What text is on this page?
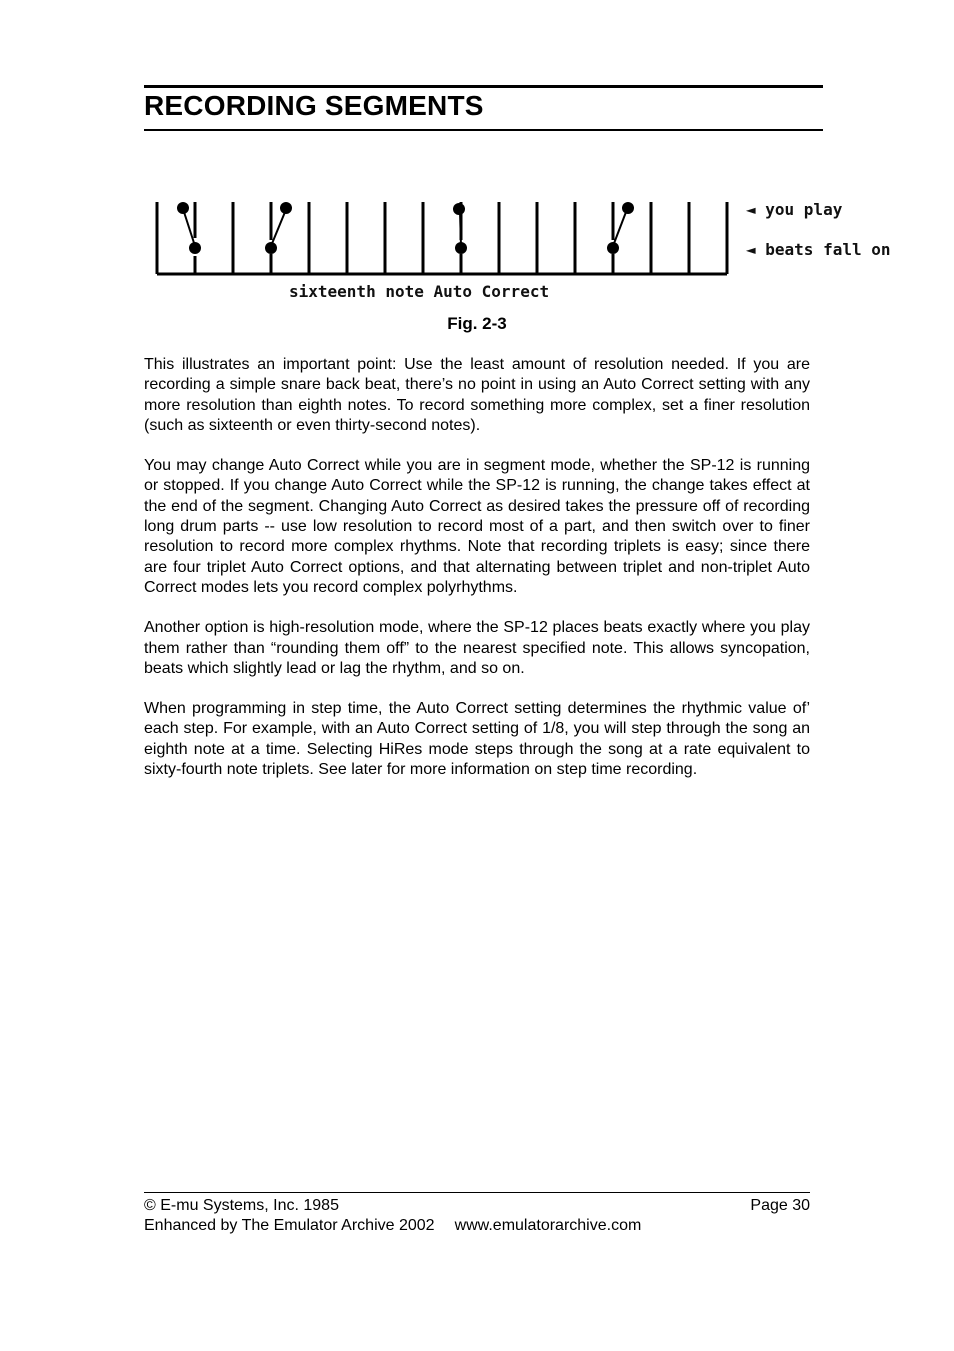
RECORDING SEGMENTS
◄ you play
◄ beats fall on
sixteenth note Auto Correct
Fig. 2-3

This illustrates an important point: Use the least amount of resolution needed. If you are recording a simple snare back beat, there’s no point in using an Auto Correct setting with any more resolution than eighth notes. To record something more complex, set a finer resolution (such as sixteenth or even thirty-second notes).

You may change Auto Correct while you are in segment mode, whether the SP-12 is running or stopped. If you change Auto Correct while the SP-12 is running, the change takes effect at the end of the segment. Changing Auto Correct as desired takes the pressure off of recording long drum parts -- use low resolution to record most of a part, and then switch over to finer resolution to record more complex rhythms. Note that recording triplets is easy; since there are four triplet Auto Correct options, and that alternating between triplet and non-triplet Auto Correct modes lets you record complex polyrhythms.

Another option is high-resolution mode, where the SP-12 places beats exactly where you play them rather than “rounding them off” to the nearest specified note. This allows syncopation, beats which slightly lead or lag the rhythm, and so on.

When programming in step time, the Auto Correct setting determines the rhythmic value of’ each step. For example, with an Auto Correct setting of 1/8, you will step through the song an eighth note at a time. Selecting HiRes mode steps through the song at a rate equivalent to sixty-fourth note triplets. See later for more information on step time recording.

© E-mu Systems, Inc. 1985	Page 30
Enhanced by The Emulator Archive 2002 www.emulatorarchive.com
